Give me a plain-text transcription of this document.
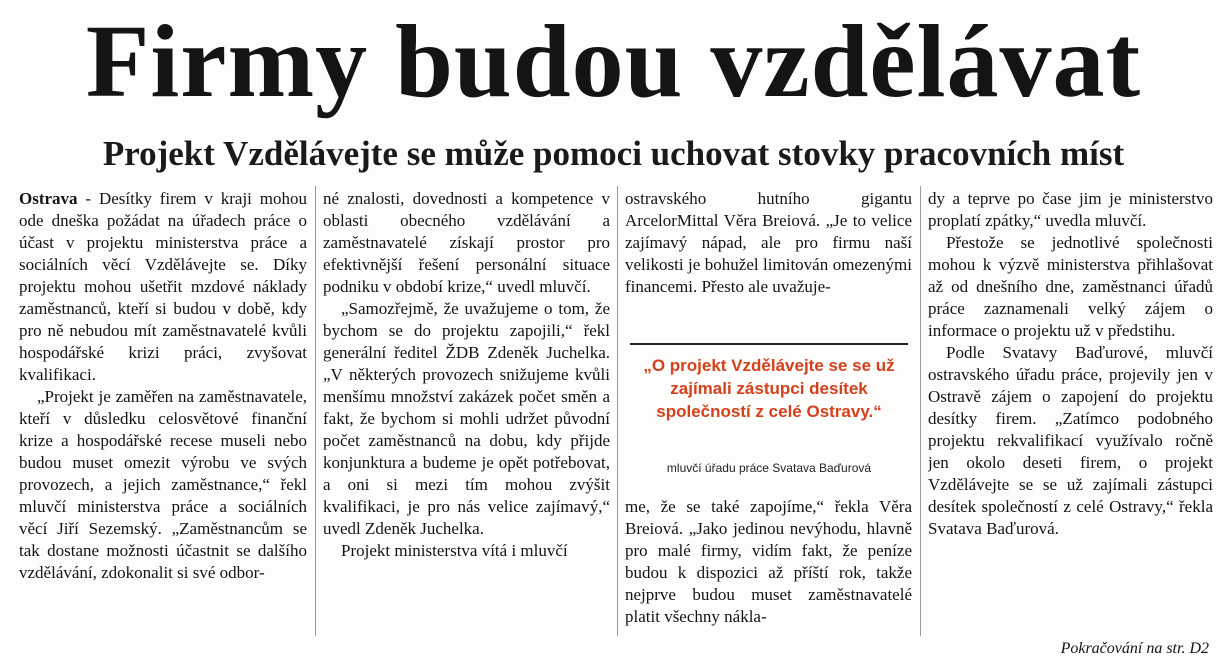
Firmy budou vzdělávat
Projekt Vzdělávejte se může pomoci uchovat stovky pracovních míst

Ostrava - Desítky firem v kraji mohou ode dneška požádat na úřadech práce o účast v projektu ministerstva práce a sociálních věcí Vzdělávejte se. Díky projektu mohou ušetřit mzdové náklady zaměstnanců, kteří si budou v době, kdy pro ně nebudou mít zaměstnavatelé kvůli hospodářské krizi práci, zvyšovat kvalifikaci.

„Projekt je zaměřen na zaměstnavatele, kteří v důsledku celosvětové finanční krize a hospodářské recese museli nebo budou muset omezit výrobu ve svých provozech, a jejich zaměstnance,“ řekl mluvčí ministerstva práce a sociálních věcí Jiří Sezemský. „Zaměstnancům se tak dostane možnosti účastnit se dalšího vzdělávání, zdokonalit si své odbor-

né znalosti, dovednosti a kompetence v oblasti obecného vzdělávání a zaměstnavatelé získají prostor pro efektivnější řešení personální situace podniku v období krize,“ uvedl mluvčí.

„Samozřejmě, že uvažujeme o tom, že bychom se do projektu zapojili,“ řekl generální ředitel ŽDB Zdeněk Juchelka. „V některých provozech snižujeme kvůli menšímu množství zakázek počet směn a fakt, že bychom si mohli udržet původní počet zaměstnanců na dobu, kdy přijde konjunktura a budeme je opět potřebovat, a oni si mezi tím mohou zvýšit kvalifikaci, je pro nás velice zajímavý,“ uvedl Zdeněk Juchelka.

Projekt ministerstva vítá i mluvčí

ostravského hutního gigantu ArcelorMittal Věra Breiová. „Je to velice zajímavý nápad, ale pro firmu naší velikosti je bohužel limitován omezenými financemi. Přesto ale uvažuje-

„O projekt Vzdělávejte se se už zajímali zástupci desítek společností z celé Ostravy.“

mluvčí úřadu práce Svatava Baďurová

me, že se také zapojíme,“ řekla Věra Breiová. „Jako jedinou nevýhodu, hlavně pro malé firmy, vidím fakt, že peníze budou k dispozici až příští rok, takže nejprve budou muset zaměstnavatelé platit všechny nákla-

dy a teprve po čase jim je ministerstvo proplatí zpátky,“ uvedla mluvčí.

Přestože se jednotlivé společnosti mohou k výzvě ministerstva přihlašovat až od dnešního dne, zaměstnanci úřadů práce zaznamenali velký zájem o informace o projektu už v předstihu.

Podle Svatavy Baďurové, mluvčí ostravského úřadu práce, projevily jen v Ostravě zájem o zapojení do projektu desítky firem. „Zatímco podobného projektu rekvalifikací využívalo ročně jen okolo deseti firem, o projekt Vzdělávejte se se už zajímali zástupci desítek společností z celé Ostravy,“ řekla Svatava Baďurová.

Pokračování na str. D2
